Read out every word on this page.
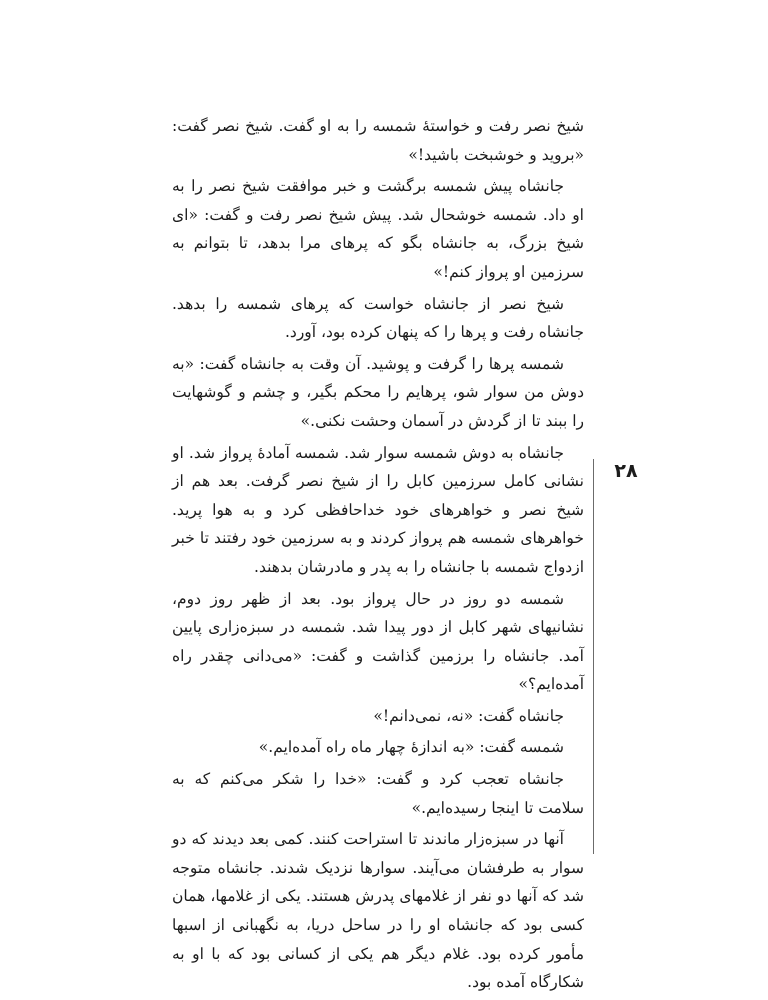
شیخ نصر رفت و خواستهٔ شمسه را به او گفت. شیخ نصر گفت: «بروید و خوشبخت باشید!»

جانشاه پیش شمسه برگشت و خبر موافقت شیخ نصر را به او داد. شمسه خوشحال شد. پیش شیخ نصر رفت و گفت: «ای شیخ بزرگ، به جانشاه بگو که پرهای مرا بدهد، تا بتوانم به سرزمین او پرواز کنم!»

شیخ نصر از جانشاه خواست که پرهای شمسه را بدهد. جانشاه رفت و پرها را که پنهان کرده بود، آورد.

شمسه پرها را گرفت و پوشید. آن وقت به جانشاه گفت: «به دوش من سوار شو، پرهایم را محکم بگیر، و چشم و گوشهایت را ببند تا از گردش در آسمان وحشت نکنی.»

جانشاه به دوش شمسه سوار شد. شمسه آمادهٔ پرواز شد. او نشانی کامل سرزمین کابل را از شیخ نصر گرفت. بعد هم از شیخ نصر و خواهرهای خود خداحافظی کرد و به هوا پرید. خواهرهای شمسه هم پرواز کردند و به سرزمین خود رفتند تا خبر ازدواج شمسه با جانشاه را به پدر و مادرشان بدهند.

شمسه دو روز در حال پرواز بود. بعد از ظهر روز دوم، نشانیهای شهر کابل از دور پیدا شد. شمسه در سبزه‌زاری پایین آمد. جانشاه را برزمین گذاشت و گفت: «می‌دانی چقدر راه آمده‌ایم؟»

جانشاه گفت: «نه، نمی‌دانم!»

شمسه گفت: «به اندازهٔ چهار ماه راه آمده‌ایم.»

جانشاه تعجب کرد و گفت: «خدا را شکر می‌کنم که به سلامت تا اینجا رسیده‌ایم.»

آنها در سبزه‌زار ماندند تا استراحت کنند. کمی بعد دیدند که دو سوار به طرفشان می‌آیند. سوارها نزدیک شدند. جانشاه متوجه شد که آنها دو نفر از غلامهای پدرش هستند. یکی از غلامها، همان کسی بود که جانشاه او را در ساحل دریا، به نگهبانی از اسبها مأمور کرده بود. غلام دیگر هم یکی از کسانی بود که با او به شکارگاه آمده بود.

۲۸
